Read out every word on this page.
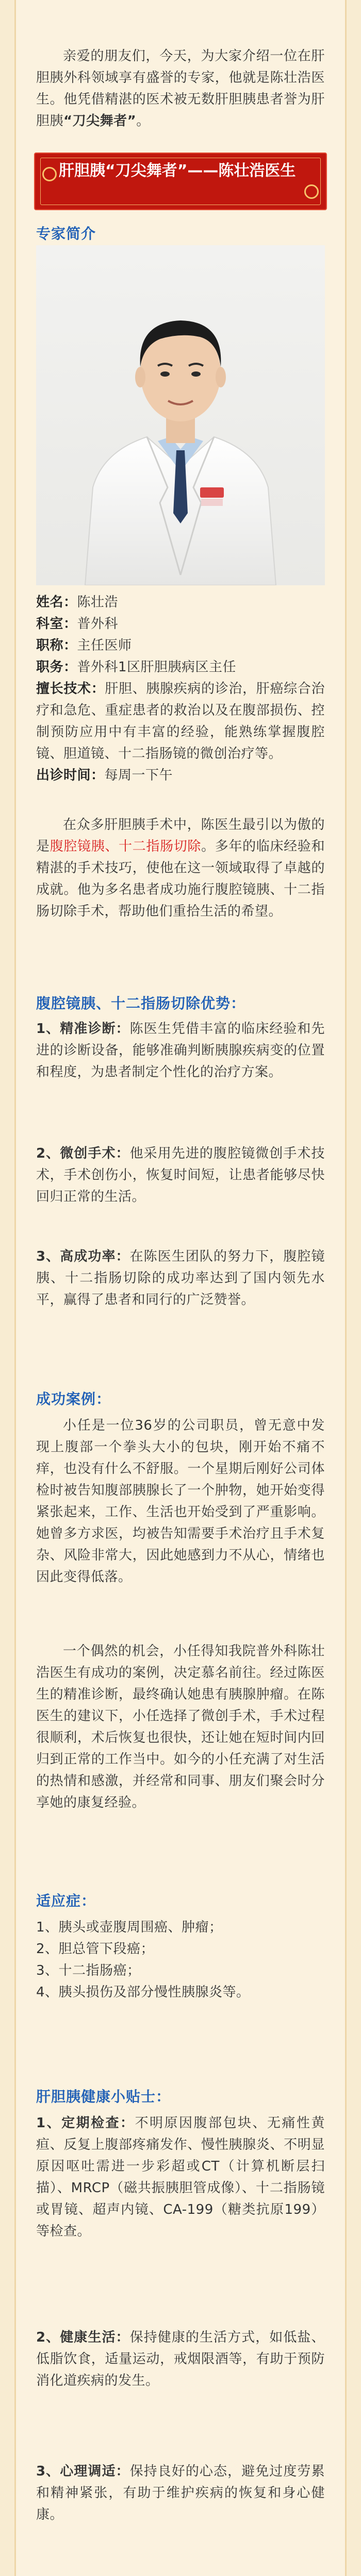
亲爱的朋友们，今天，为大家介绍一位在肝胆胰外科领域享有盛誉的专家，他就是陈壮浩医生。他凭借精湛的医术被无数肝胆胰患者誉为肝胆胰“刀尖舞者”。

肝胆胰“刀尖舞者”——陈壮浩医生
专家简介

姓名：陈壮浩

科室：普外科

职称：主任医师

职务：普外科1区肝胆胰病区主任

擅长技术：肝胆、胰腺疾病的诊治，肝癌综合治疗和急危、重症患者的救治以及在腹部损伤、控制预防应用中有丰富的经验，能熟练掌握腹腔镜、胆道镜、十二指肠镜的微创治疗等。

出诊时间：每周一下午

在众多肝胆胰手术中，陈医生最引以为傲的是腹腔镜胰、十二指肠切除。多年的临床经验和精湛的手术技巧，使他在这一领域取得了卓越的成就。他为多名患者成功施行腹腔镜胰、十二指肠切除手术，帮助他们重拾生活的希望。

腹腔镜胰、十二指肠切除优势：

1、精准诊断：陈医生凭借丰富的临床经验和先进的诊断设备，能够准确判断胰腺疾病变的位置和程度，为患者制定个性化的治疗方案。

2、微创手术：他采用先进的腹腔镜微创手术技术，手术创伤小，恢复时间短，让患者能够尽快回归正常的生活。

3、高成功率：在陈医生团队的努力下，腹腔镜胰、十二指肠切除的成功率达到了国内领先水平，赢得了患者和同行的广泛赞誉。

成功案例：

小任是一位36岁的公司职员，曾无意中发现上腹部一个拳头大小的包块，刚开始不痛不痒，也没有什么不舒服。一个星期后刚好公司体检时被告知腹部胰腺长了一个肿物，她开始变得紧张起来，工作、生活也开始受到了严重影响。她曾多方求医，均被告知需要手术治疗且手术复杂、风险非常大，因此她感到力不从心，情绪也因此变得低落。

一个偶然的机会，小任得知我院普外科陈壮浩医生有成功的案例，决定慕名前往。经过陈医生的精准诊断，最终确认她患有胰腺肿瘤。在陈医生的建议下，小任选择了微创手术，手术过程很顺利，术后恢复也很快，还让她在短时间内回归到正常的工作当中。如今的小任充满了对生活的热情和感激，并经常和同事、朋友们聚会时分享她的康复经验。

适应症：
1、胰头或壶腹周围癌、肿瘤；
2、胆总管下段癌；
3、十二指肠癌；
4、胰头损伤及部分慢性胰腺炎等。
肝胆胰健康小贴士：

1、定期检查：不明原因腹部包块、无痛性黄疸、反复上腹部疼痛发作、慢性胰腺炎、不明显原因呕吐需进一步彩超或CT（计算机断层扫描）、MRCP（磁共振胰胆管成像）、十二指肠镜或胃镜、超声内镜、CA-199（糖类抗原199）等检查。

2、健康生活：保持健康的生活方式，如低盐、低脂饮食，适量运动，戒烟限酒等，有助于预防消化道疾病的发生。

3、心理调适：保持良好的心态，避免过度劳累和精神紧张，有助于维护疾病的恢复和身心健康。
